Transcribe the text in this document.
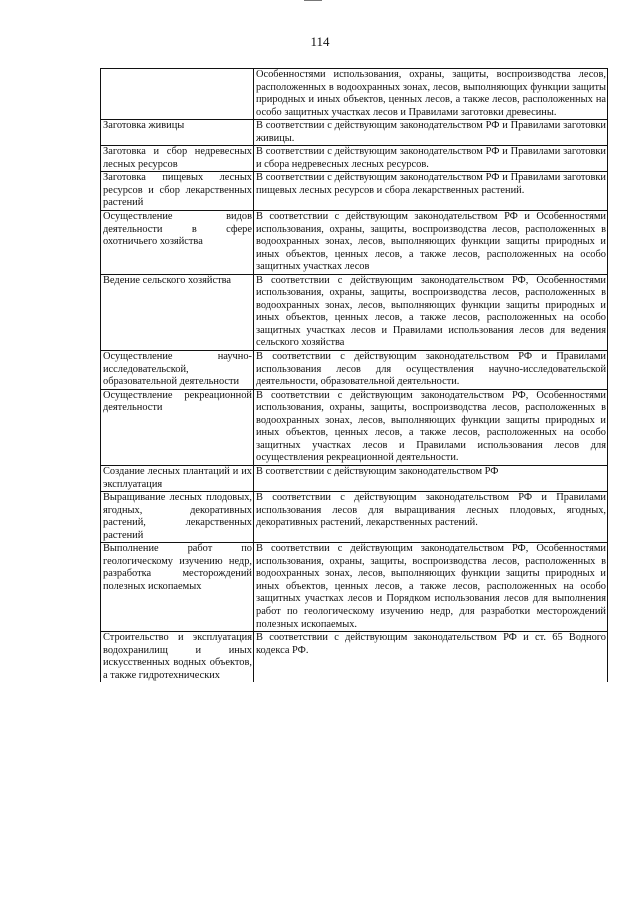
114
	Особенностями использования, охраны, защиты, воспроизводства лесов, расположенных в водоохранных зонах, лесов, выполняющих функции защиты природных и иных объектов, ценных лесов, а также лесов, расположенных на особо защитных участках лесов и Правилами заготовки древесины.
Заготовка живицы	В соответствии с действующим законодательством РФ и Правилами заготовки живицы.
Заготовка и сбор недревесных лесных ресурсов	В соответствии с действующим законодательством РФ и Правилами заготовки и сбора недревесных лесных ресурсов.
Заготовка пищевых лесных ресурсов и сбор лекарственных растений	В соответствии с действующим законодательством РФ и Правилами заготовки пищевых лесных ресурсов и сбора лекарственных растений.
Осуществление видов деятельности в сфере охотничьего хозяйства	В соответствии с действующим законодательством РФ и Особенностями использования, охраны, защиты, воспроизводства лесов, расположенных в водоохранных зонах, лесов, выполняющих функции защиты природных и иных объектов, ценных лесов, а также лесов, расположенных на особо защитных участках лесов
Ведение сельского хозяйства	В соответствии с действующим законодательством РФ, Особенностями использования, охраны, защиты, воспроизводства лесов, расположенных в водоохранных зонах, лесов, выполняющих функции защиты природных и иных объектов, ценных лесов, а также лесов, расположенных на особо защитных участках лесов и Правилами использования лесов для ведения сельского хозяйства
Осуществление научно-исследовательской, образовательной деятельности	В соответствии с действующим законодательством РФ и Правилами использования лесов для осуществления научно-исследовательской деятельности, образовательной деятельности.
Осуществление рекреационной деятельности	В соответствии с действующим законодательством РФ, Особенностями использования, охраны, защиты, воспроизводства лесов, расположенных в водоохранных зонах, лесов, выполняющих функции защиты природных и иных объектов, ценных лесов, а также лесов, расположенных на особо защитных участках лесов и Правилами использования лесов для осуществления рекреационной деятельности.
Создание лесных плантаций и их эксплуатация	В соответствии с действующим законодательством РФ
Выращивание лесных плодовых, ягодных, декоративных растений, лекарственных растений	В соответствии с действующим законодательством РФ и Правилами использования лесов для выращивания лесных плодовых, ягодных, декоративных растений, лекарственных растений.
Выполнение работ по геологическому изучению недр, разработка месторождений полезных ископаемых	В соответствии с действующим законодательством РФ, Особенностями использования, охраны, защиты, воспроизводства лесов, расположенных в водоохранных зонах, лесов, выполняющих функции защиты природных и иных объектов, ценных лесов, а также лесов, расположенных на особо защитных участках лесов и Порядком использования лесов для выполнения работ по геологическому изучению недр, для разработки месторождений полезных ископаемых.
Строительство и эксплуатация водохранилищ и иных искусственных водных объектов, а также гидротехнических	В соответствии с действующим законодательством РФ и ст. 65 Водного кодекса РФ.
